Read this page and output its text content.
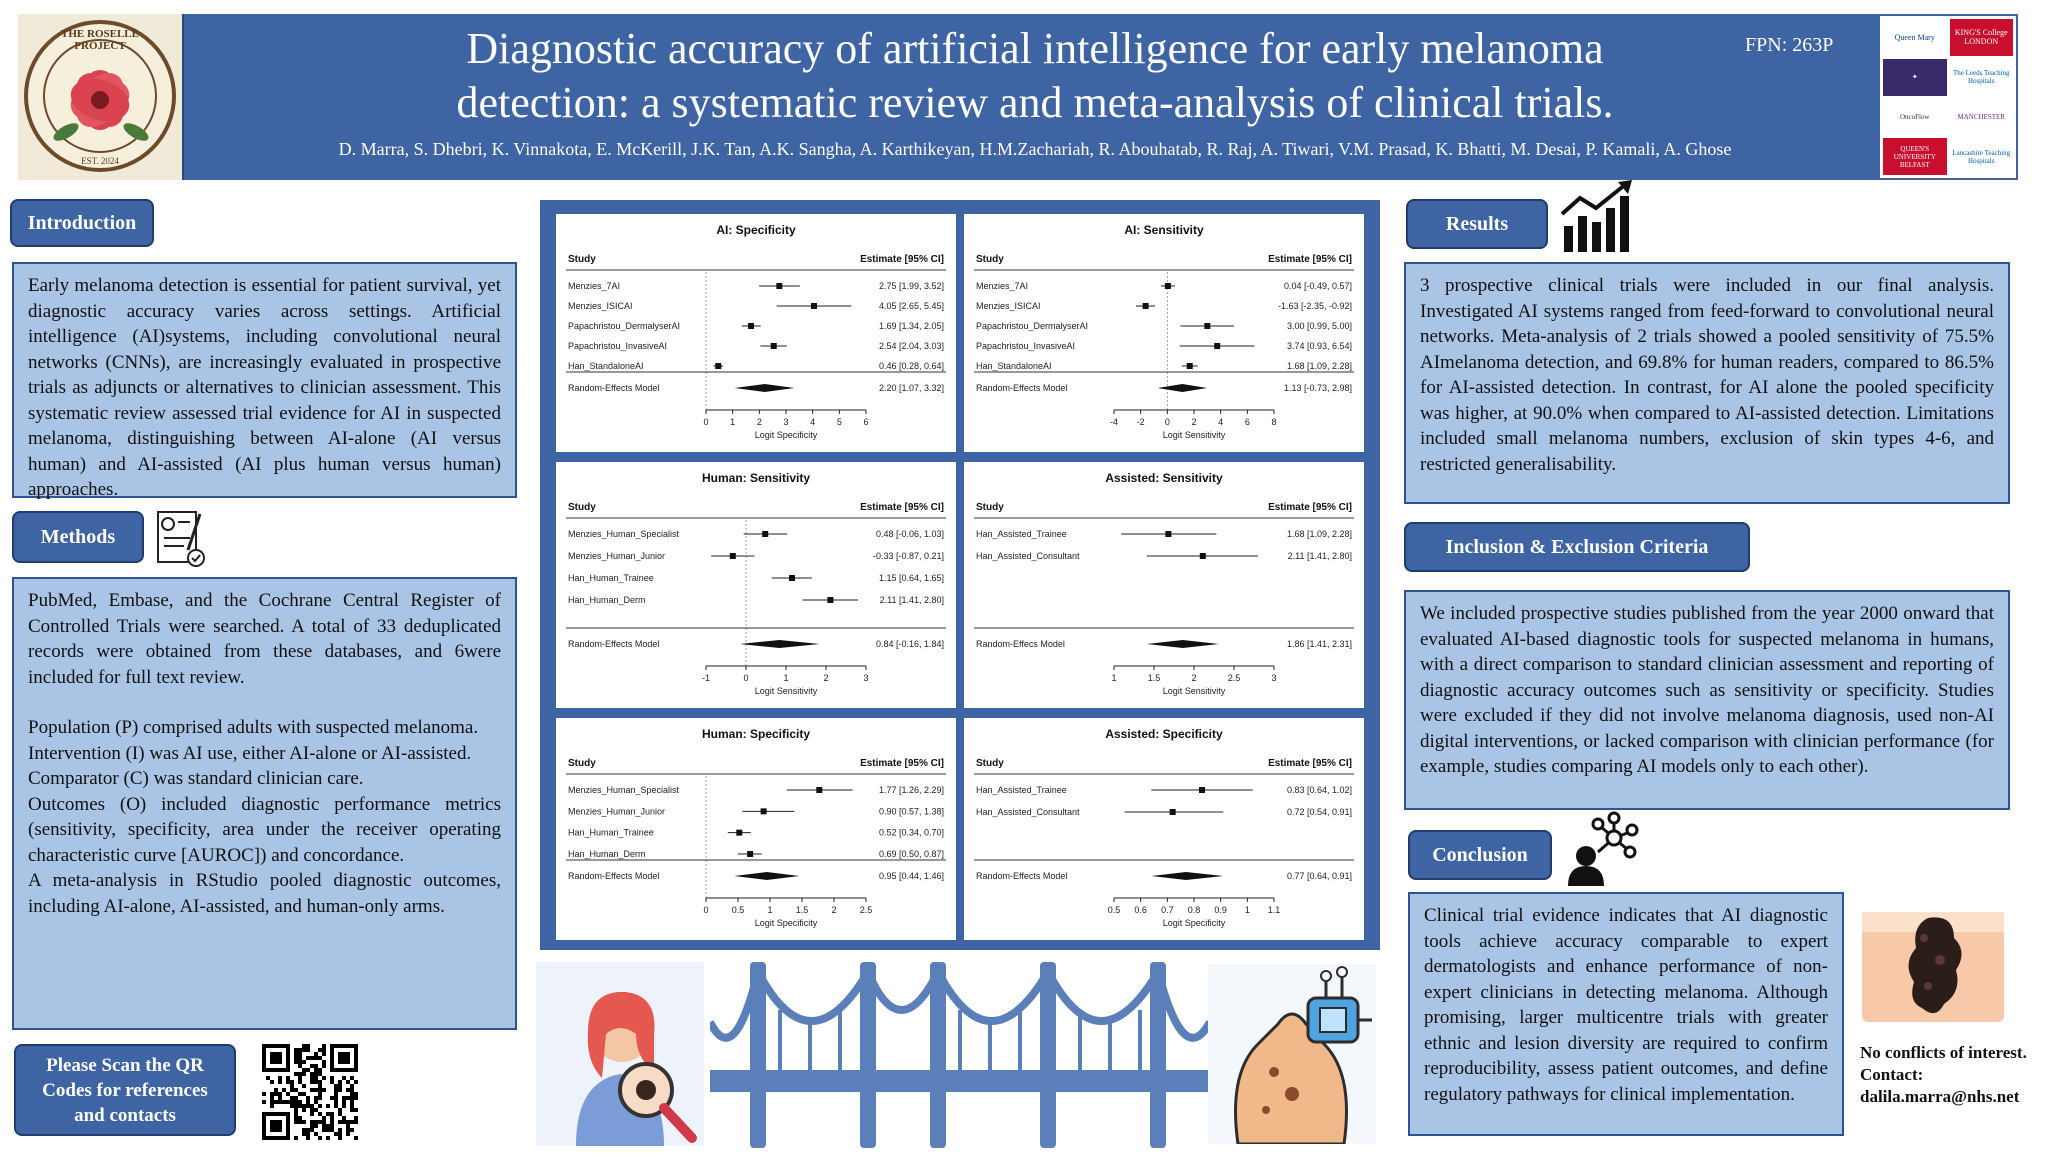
THE ROSELLE PROJECT
EST. 2024
Diagnostic accuracy of artificial intelligence for early melanoma
detection: a systematic review and meta-analysis of clinical trials.
D. Marra, S. Dhebri, K. Vinnakota, E. McKerill, J.K. Tan, A.K. Sangha, A. Karthikeyan, H.M.Zachariah, R. Abouhatab, R. Raj, A. Tiwari, V.M. Prasad, K. Bhatti, M. Desai, P. Kamali, A. Ghose
FPN: 263P	Queen Mary	KING'S College LONDON
✦	The Leeds Teaching Hospitals
OncoFlow	MANCHESTER
QUEEN'S UNIVERSITY BELFAST
Lancashire Teaching Hospitals
Introduction
Early melanoma detection is essential for patient survival, yet diagnostic accuracy varies across settings. Artificial intelligence (AI)systems, including convolutional neural networks (CNNs), are increasingly evaluated in prospective trials as adjuncts or alternatives to clinician assessment. This systematic review assessed trial evidence for AI in suspected melanoma, distinguishing between AI-alone (AI versus human) and AI-assisted (AI plus human versus human) approaches.
Methods

PubMed, Embase, and the Cochrane Central Register of Controlled Trials were searched. A total of 33 deduplicated records were obtained from these databases, and 6were included for full text review.

Population (P) comprised adults with suspected melanoma.

Intervention (I) was AI use, either AI-alone or AI-assisted.

Comparator (C) was standard clinician care.

Outcomes (O) included diagnostic performance metrics (sensitivity, specificity, area under the receiver operating characteristic curve [AUROC]) and concordance.

A meta-analysis in RStudio pooled diagnostic outcomes, including AI-alone, AI-assisted, and human-only arms.

Please Scan the QR Codes for references and contacts
AI: Specificity
Study	Estimate [95% CI]
Menzies_7AI	2.75 [1.99, 3.52]
Menzies_ISICAI	4.05 [2.65, 5.45]
Papachristou_DermalyserAI	1.69 [1.34, 2.05]
Papachristou_InvasiveAI	2.54 [2.04, 3.03]
Han_StandaloneAI	0.46 [0.28, 0.64]
Random-Effects Model	2.20 [1.07, 3.32]
0 1 2 3 4 5 6
Logit Specificity
AI: Sensitivity
Study	Estimate [95% CI]
Menzies_7AI	0.04 [-0.49, 0.57]
Menzies_ISICAI	-1.63 [-2.35, -0.92]
Papachristou_DermalyserAI	3.00 [0.99, 5.00]
Papachristou_InvasiveAI	3.74 [0.93, 6.54]
Han_StandaloneAI	1.68 [1.09, 2.28]
Random-Effects Model	1.13 [-0.73, 2.98]
-4 -2 0 2 4 6 8
Logit Sensitivity
Human: Sensitivity
Study	Estimate [95% CI]
Menzies_Human_Specialist	0.48 [-0.06, 1.03]
Menzies_Human_Junior	-0.33 [-0.87, 0.21]
Han_Human_Trainee	1.15 [0.64, 1.65]
Han_Human_Derm	2.11 [1.41, 2.80]
Random-Effects Model	0.84 [-0.16, 1.84]
-1	0	1	2	3
Logit Sensitivity
Assisted: Sensitivity
Study	Estimate [95% CI]
Han_Assisted_Trainee	1.68 [1.09, 2.28]
Han_Assisted_Consultant	2.11 [1.41, 2.80]
Random-Effecs Model	1.86 [1.41, 2.31]
1	1.5	2	2.5	3
Logit Sensitivity
Human: Specificity
Study	Estimate [95% CI]
Menzies_Human_Specialist	1.77 [1.26, 2.29]
Menzies_Human_Junior	0.90 [0.57, 1.38]
Han_Human_Trainee	0.52 [0.34, 0.70]
Han_Human_Derm	0.69 [0.50, 0.87]
Random-Effects Model	0.95 [0.44, 1.46]
0	0.5	1	1.5	2	2.5
Logit Specificity
Assisted: Specificity
Study	Estimate [95% CI]
Han_Assisted_Trainee	0.83 [0.64, 1.02]
Han_Assisted_Consultant	0.72 [0.54, 0.91]
Random-Effects Model	0.77 [0.64, 0.91]
0.5 0.6 0.7 0.8 0.9 1 1.1
Logit Specificity
Results
3 prospective clinical trials were included in our final analysis. Investigated AI systems ranged from feed-forward to convolutional neural networks. Meta-analysis of 2 trials showed a pooled sensitivity of 75.5% AImelanoma detection, and 69.8% for human readers, compared to 86.5% for AI-assisted detection. In contrast, for AI alone the pooled specificity was higher, at 90.0% when compared to AI-assisted detection. Limitations included small melanoma numbers, exclusion of skin types 4-6, and restricted generalisability.
Inclusion & Exclusion Criteria
We included prospective studies published from the year 2000 onward that evaluated AI-based diagnostic tools for suspected melanoma in humans, with a direct comparison to standard clinician assessment and reporting of diagnostic accuracy outcomes such as sensitivity or specificity. Studies were excluded if they did not involve melanoma diagnosis, used non-AI digital interventions, or lacked comparison with clinician performance (for example, studies comparing AI models only to each other).
Conclusion
Clinical trial evidence indicates that AI diagnostic tools achieve accuracy comparable to expert dermatologists and enhance performance of non-expert clinicians in detecting melanoma. Although promising, larger multicentre trials with greater ethnic and lesion diversity are required to confirm reproducibility, assess patient outcomes, and define regulatory pathways for clinical implementation.
No conflicts of interest.
Contact:
dalila.marra@nhs.net
